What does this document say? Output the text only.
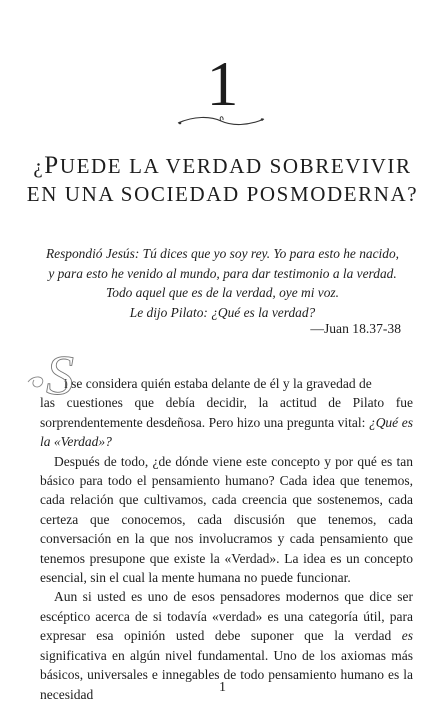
1
¿PUEDE LA VERDAD SOBREVIVIR
EN UNA SOCIEDAD POSMODERNA?
Respondió Jesús: Tú dices que yo soy rey. Yo para esto he nacido,
y para esto he venido al mundo, para dar testimonio a la verdad.
Todo aquel que es de la verdad, oye mi voz.
Le dijo Pilato: ¿Qué es la verdad?
—Juan 18.37-38
S

i se considera quién estaba delante de él y la gravedad de
las cuestiones que debía decidir, la actitud de Pilato fue sorprendentemente desdeñosa. Pero hizo una pregunta vital: ¿Qué es la «Verdad»?

Después de todo, ¿de dónde viene este concepto y por qué es tan básico para todo el pensamiento humano? Cada idea que tenemos, cada relación que cultivamos, cada creencia que sostenemos, cada certeza que conocemos, cada discusión que tenemos, cada conversación en la que nos involucramos y cada pensamiento que tenemos presupone que existe la «Verdad». La idea es un concepto esencial, sin el cual la mente humana no puede funcionar.

Aun si usted es uno de esos pensadores modernos que dice ser escéptico acerca de si todavía «verdad» es una categoría útil, para expresar esa opinión usted debe suponer que la verdad es significativa en algún nivel fundamental. Uno de los axiomas más básicos, universales e innegables de todo pensamiento humano es la necesidad	1
